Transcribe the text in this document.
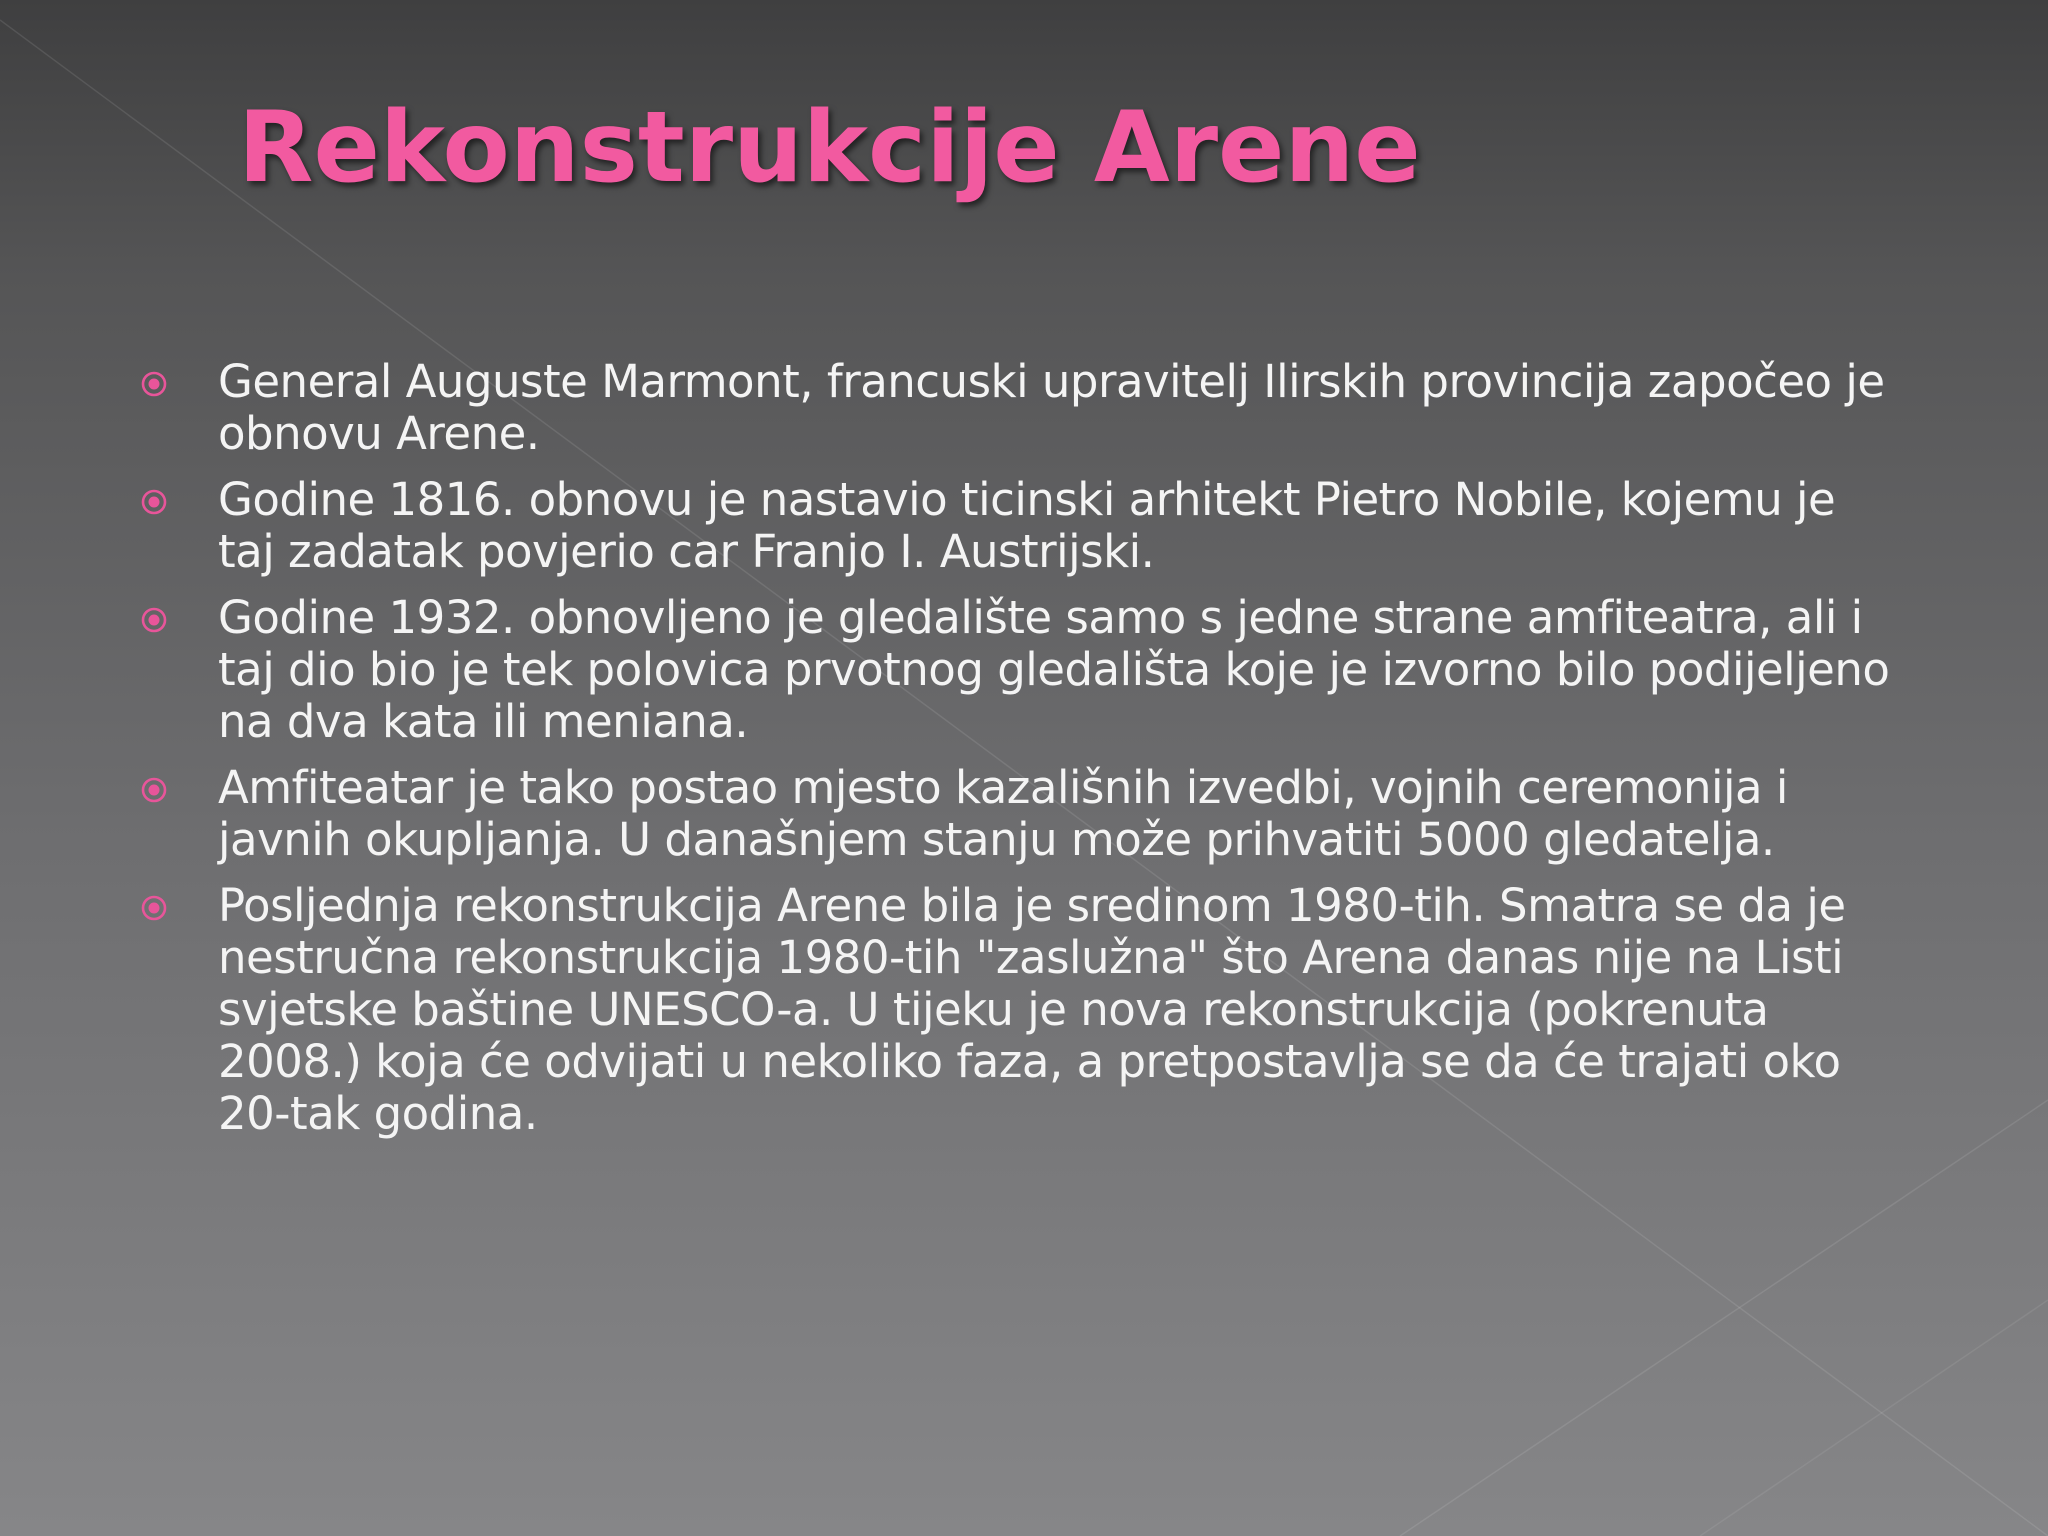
Rekonstrukcije Arene
General Auguste Marmont, francuski upravitelj Ilirskih provincija započeo je obnovu Arene.
Godine 1816. obnovu je nastavio ticinski arhitekt Pietro Nobile, kojemu je taj zadatak povjerio car Franjo I. Austrijski.
Godine 1932. obnovljeno je gledalište samo s jedne strane amfiteatra, ali i taj dio bio je tek polovica prvotnog gledališta koje je izvorno bilo podijeljeno na dva kata ili meniana.
Amfiteatar je tako postao mjesto kazališnih izvedbi, vojnih ceremonija i javnih okupljanja. U današnjem stanju može prihvatiti 5000 gledatelja.
Posljednja rekonstrukcija Arene bila je sredinom 1980-tih. Smatra se da je nestručna rekonstrukcija 1980-tih "zaslužna" što Arena danas nije na Listi svjetske baštine UNESCO-a. U tijeku je nova rekonstrukcija (pokrenuta 2008.) koja će odvijati u nekoliko faza, a pretpostavlja se da će trajati oko 20-tak godina.
